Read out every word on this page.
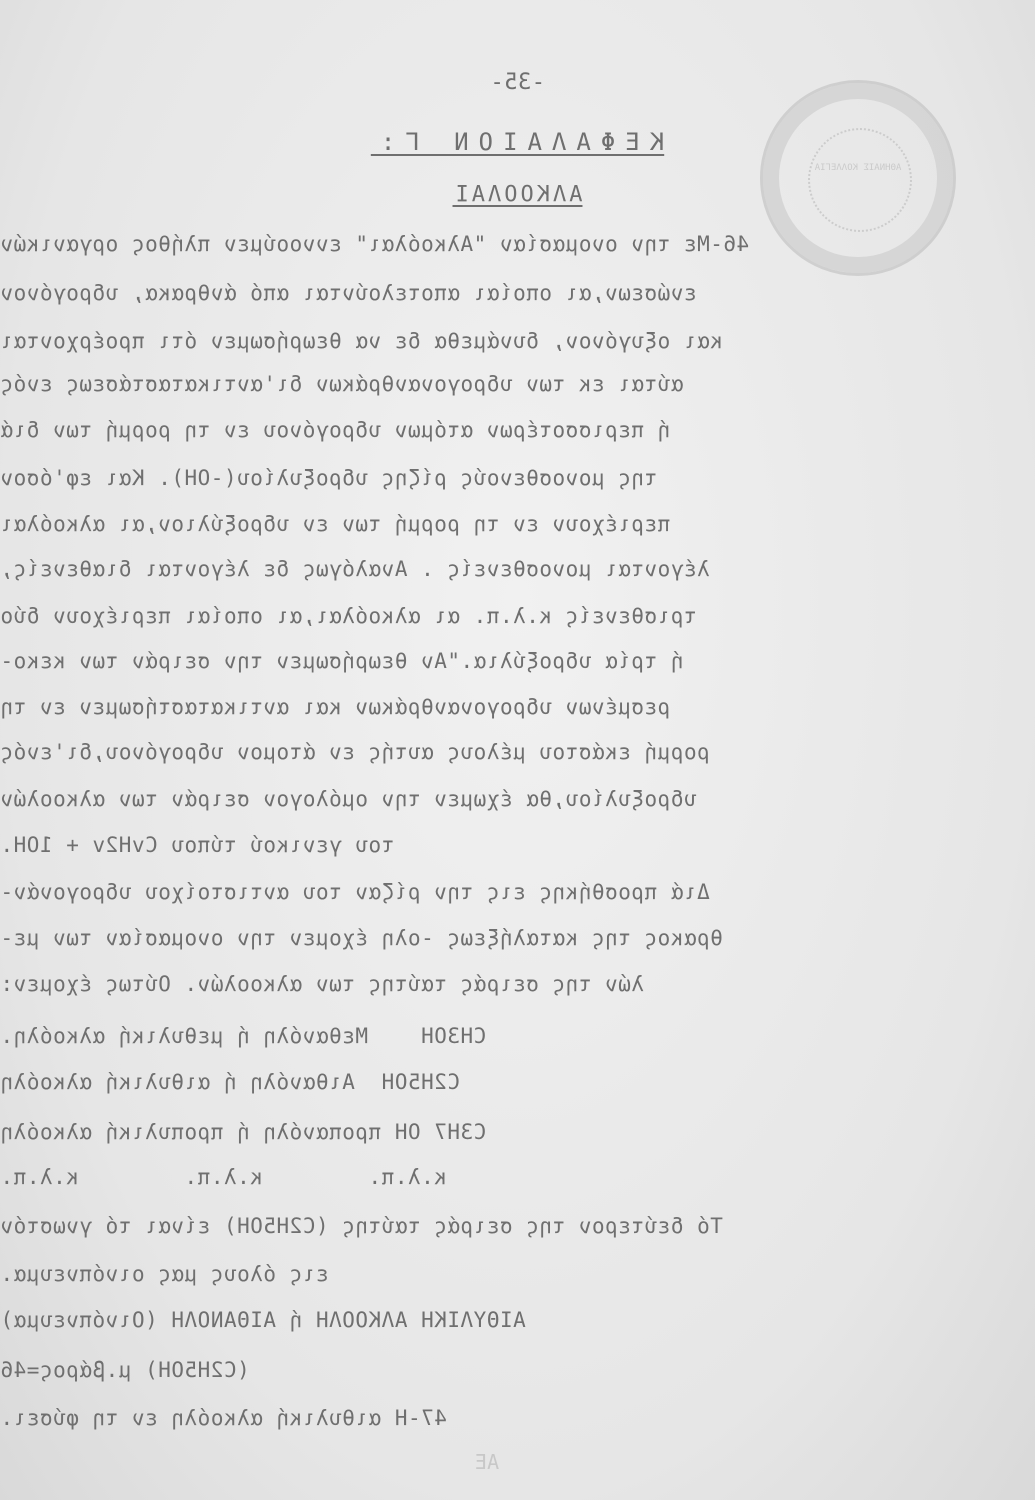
ΑΘΗΝΑΙΣ ΚΟΛΛΕΓΙΑ
-35-
ΚΕΦΑΛΑΙΟΝ Γ:
ΑΛΚΟΟΛΑΙ
46-Με την ονομασίαν "Αλκοόλαι" εννοούμεν πλήθος οργανικών
ενώσεων,αι οποίαι αποτελούνται από άνθρακα, υδρογόνον
και οξυγόνον, δυνάμεθα δε να θεωρήσωμεν ότι προέρχονται
αύται εκ των υδρογονανθράκων δι'αντικαταστάσεως ενός
ή περισσοτέρων ατόμων υδρογόνου εν τη ρορμή των διά
της μονοσθενούς ρίζης υδροξυλίου(-OH). Και εφ'όσον
περιέχουν εν τη ρορμή των εν υδροξύλιον,αι αλκοόλαι
λέγονται μονοσθενείς . Αναλόγως δε λέγονται διαθενείς,
τρισθενείς κ.λ.π. αι αλκοόλαι,αι οποίαι περιέχουν δύο
ή τρία υδροξύλια."Αν θεωρήσωμεν την σειράν των κεκο-
ρεσμένων υδρογονανθράκων και αντικαταστήσωμεν εν τη
ρορμή εκάστου μέλους αυτής εν άτομον υδρογόνου,δι'ενός
υδροξυλίου,θα έχωμεν την ομόλογον σειράν των αλκοολών
του γενικού τύπου CvH2v + 1OH.
Διά προσθήκης εις την ρίζαν του αντιστοίχου υδρογονάν-
θρακος της καταλήξεως -ολη έχομεν την ονομασίαν των με-
λών της σειράς ταύτης των αλκοολών. Ούτως έχομεν:
CH3OH    Μεθανόλη ή μεθυλική αλκοόλη.
C2H5OH  Αιθανόλη ή αιθυλική αλκοόλη
C3H7 OH προπανόλη ή προπυλική αλκοόλη
κ.λ.π.        κ.λ.π.        κ.λ.π.
Τό δεύτερον της σειράς ταύτης (C2H5OH) είναι τό γνωστόν
εις όλους μας οινόπνευμα.
ΑΙΘΥΛΙΚΗ ΑΛΚΟΟΛΗ ή ΑΙΘΑΝΟΛΗ (Οινόπνευμα)
(C2H5OH) μ.βάρος=46
47-Η αιθυλική αλκοόλη εν τη φύσει.
ΑΕ
